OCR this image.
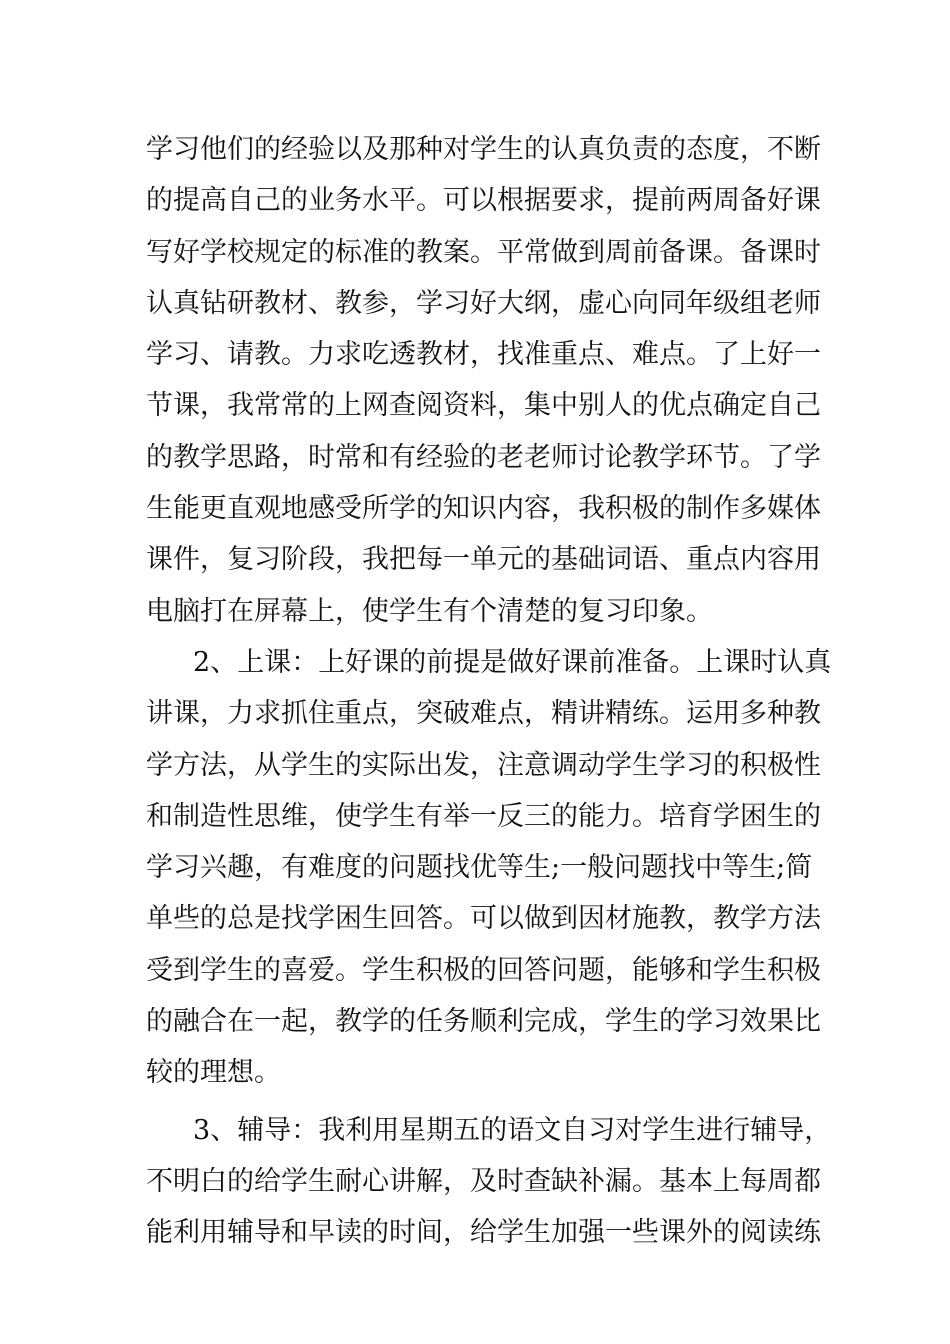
学 习 他 们 的 经 验 以 及 那 种 对 学 生 的 认 真 负 责 的 态 度 ， 不 断
的 提 高 自 己 的 业 务 水 平 。 可 以 根 据 要 求 ， 提 前 两 周 备 好 课
写 好 学 校 规 定 的 标 准 的 教 案 。 平 常 做 到 周 前 备 课 。 备 课 时
认 真 钻 研 教 材 、 教 参 ， 学 习 好 大 纲 ， 虚 心 向 同 年 级 组 老 师
学 习 、 请 教 。 力 求 吃 透 教 材 ， 找 准 重 点 、 难 点 。 了 上 好 一
节 课 ， 我 常 常 的 上 网 查 阅 资 料 ， 集 中 别 人 的 优 点 确 定 自 己
的 教 学 思 路 ， 时 常 和 有 经 验 的 老 老 师 讨 论 教 学 环 节 。 了 学
生 能 更 直 观 地 感 受 所 学 的 知 识 内 容 ， 我 积 极 的 制 作 多 媒 体
课 件 ， 复 习 阶 段 ， 我 把 每 一 单 元 的 基 础 词 语 、 重 点 内 容 用
电脑打在屏幕上，使学生有个清楚的复习印象。
2 、 上 课 ： 上 好 课 的 前 提 是 做 好 课 前 准 备 。 上 课 时 认 真
讲 课 ， 力 求 抓 住 重 点 ， 突 破 难 点 ， 精 讲 精 练 。 运 用 多 种 教
学 方 法 ， 从 学 生 的 实 际 出 发 ， 注 意 调 动 学 生 学 习 的 积 极 性
和 制 造 性 思 维 ， 使 学 生 有 举 一 反 三 的 能 力 。 培 育 学 困 生 的
学 习 兴 趣 ， 有 难 度 的 问 题 找 优 等 生 ; 一 般 问 题 找 中 等 生 ; 简
单 些 的 总 是 找 学 困 生 回 答 。 可 以 做 到 因 材 施 教 ， 教 学 方 法
受 到 学 生 的 喜 爱 。 学 生 积 极 的 回 答 问 题 ， 能 够 和 学 生 积 极
的 融 合 在 一 起 ， 教 学 的 任 务 顺 利 完 成 ， 学 生 的 学 习 效 果 比
较的理想。
3 、 辅 导 ： 我 利 用 星 期 五 的 语 文 自 习 对 学 生 进 行 辅 导 ，
不 明 白 的 给 学 生 耐 心 讲 解 ， 及 时 查 缺 补 漏 。 基 本 上 每 周 都
能 利 用 辅 导 和 早 读 的 时 间 ， 给 学 生 加 强 一 些 课 外 的 阅 读 练
